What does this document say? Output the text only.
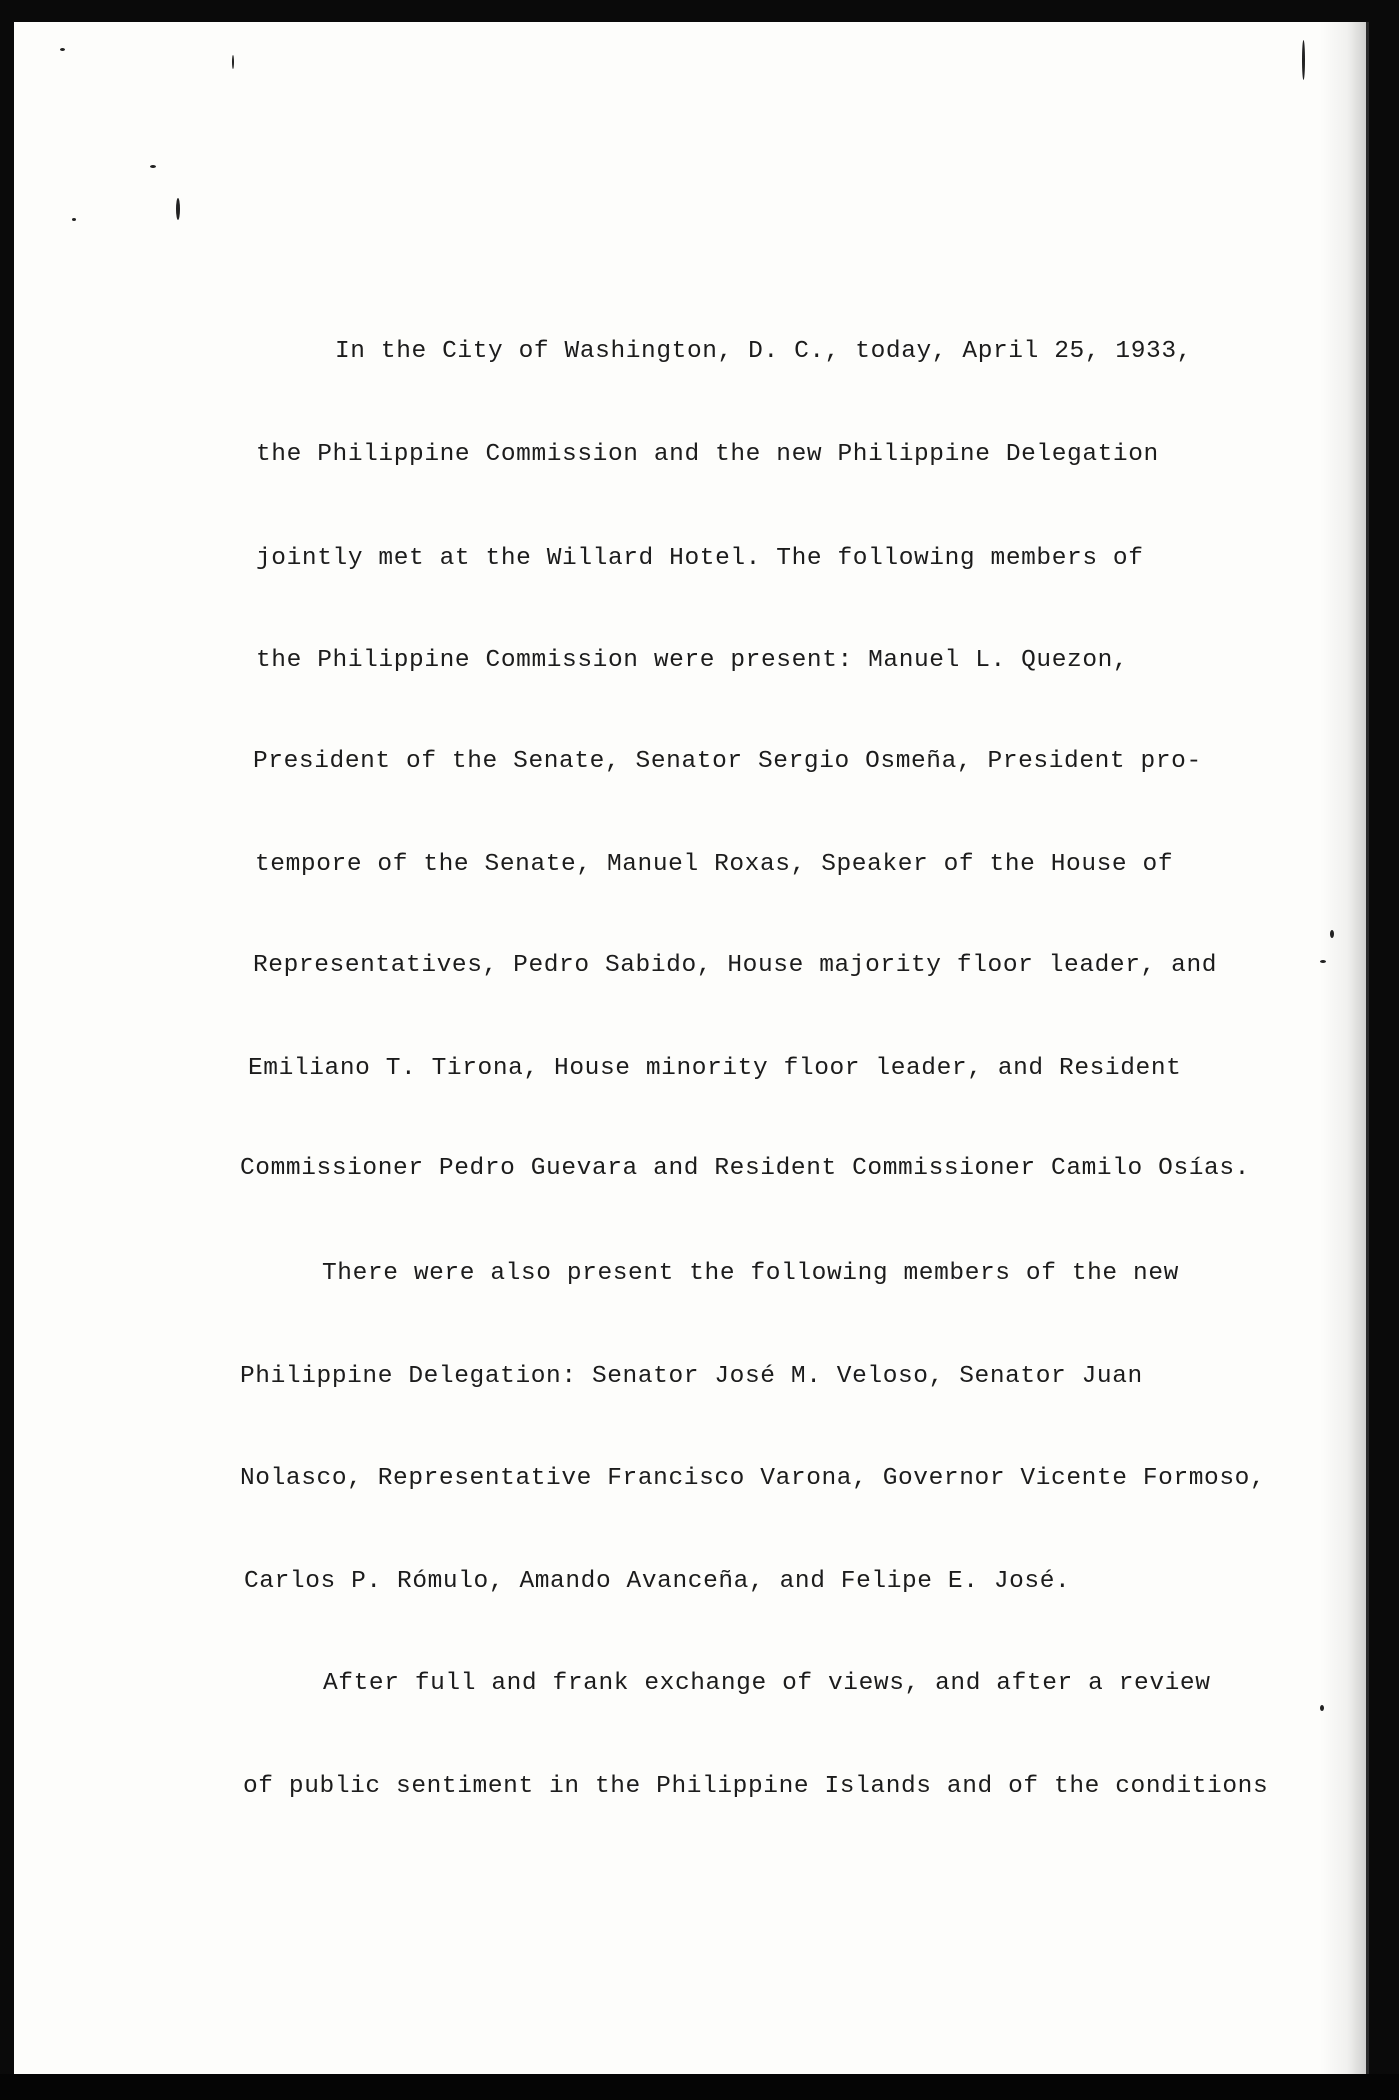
In the City of Washington, D. C., today, April 25, 1933,
the Philippine Commission and the new Philippine Delegation
jointly met at the Willard Hotel. The following members of
the Philippine Commission were present: Manuel L. Quezon,
President of the Senate, Senator Sergio Osmeña, President pro-
tempore of the Senate, Manuel Roxas, Speaker of the House of
Representatives, Pedro Sabido, House majority floor leader, and
Emiliano T. Tirona, House minority floor leader, and Resident
Commissioner Pedro Guevara and Resident Commissioner Camilo Osías.
There were also present the following members of the new
Philippine Delegation: Senator José M. Veloso, Senator Juan
Nolasco, Representative Francisco Varona, Governor Vicente Formoso,
Carlos P. Rómulo, Amando Avanceña, and Felipe E. José.
After full and frank exchange of views, and after a review
of public sentiment in the Philippine Islands and of the conditions
